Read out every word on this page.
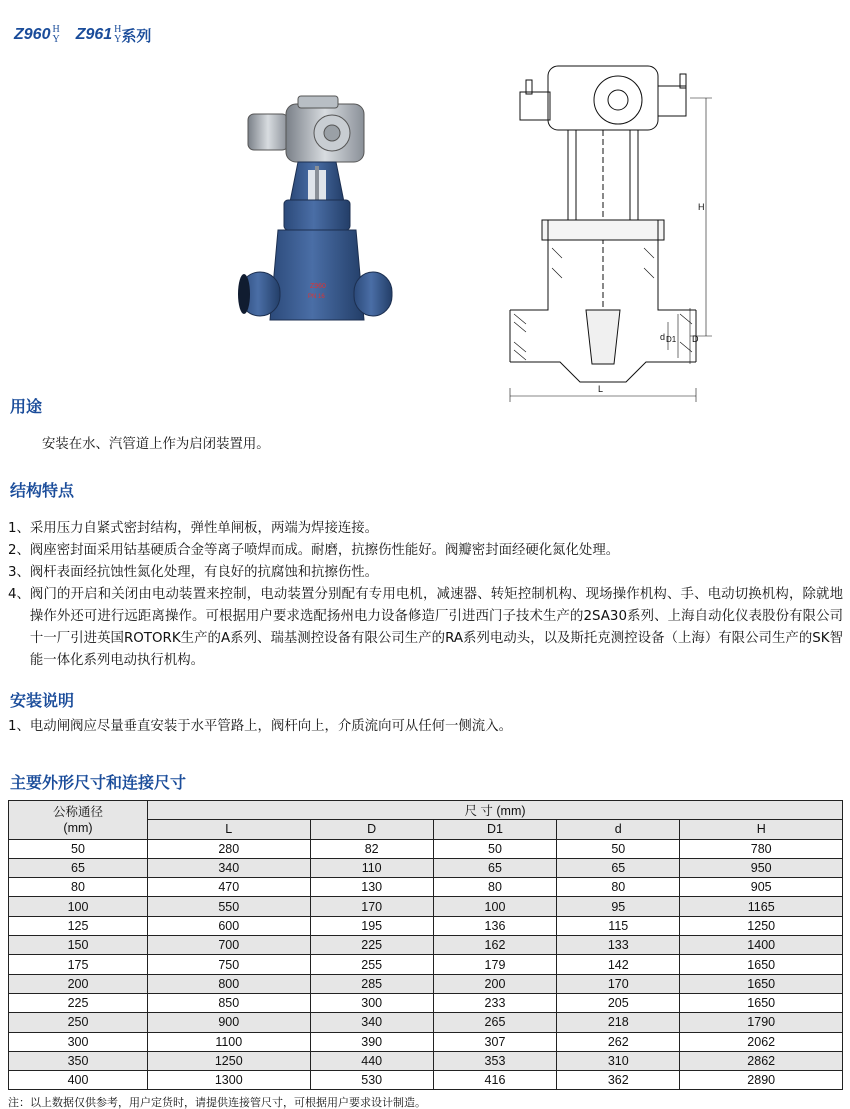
Z960 H
Y Z961 H
Y 系列
Z960
PN 16
H
d D1 D
L
用途
安装在水、汽管道上作为启闭装置用。
结构特点
1、 采用压力自紧式密封结构，弹性单闸板，两端为焊接连接。
2、 阀座密封面采用钴基硬质合金等离子喷焊而成。耐磨，抗擦伤性能好。阀瓣密封面经硬化氮化处理。
3、 阀杆表面经抗蚀性氮化处理，有良好的抗腐蚀和抗擦伤性。
4、 阀门的开启和关闭由电动装置来控制，电动装置分别配有专用电机，减速器、转矩控制机构、现场操作机构、手、电动切换机构，除就地操作外还可进行远距离操作。可根据用户要求选配扬州电力设备修造厂引进西门子技术生产的2SA30系列、上海自动化仪表股份有限公司十一厂引进英国ROTORK生产的A系列、瑞基测控设备有限公司生产的RA系列电动头，以及斯托克测控设备（上海）有限公司生产的SK智能一体化系列电动执行机构。
安装说明
1、电动闸阀应尽量垂直安装于水平管路上，阀杆向上，介质流向可从任何一侧流入。
主要外形尺寸和连接尺寸
公称通径
(mm)	尺 寸 (mm)				
	L	D	D1	d	H
50	280	82	50	50	780
65	340	110	65	65	950
80	470	130	80	80	905
100	550	170	100	95	1165
125	600	195	136	115	1250
150	700	225	162	133	1400
175	750	255	179	142	1650
200	800	285	200	170	1650
225	850	300	233	205	1650
250	900	340	265	218	1790
300	1100	390	307	262	2062
350	1250	440	353	310	2862
400	1300	530	416	362	2890
注：以上数据仅供参考，用户定货时，请提供连接管尺寸，可根据用户要求设计制造。
